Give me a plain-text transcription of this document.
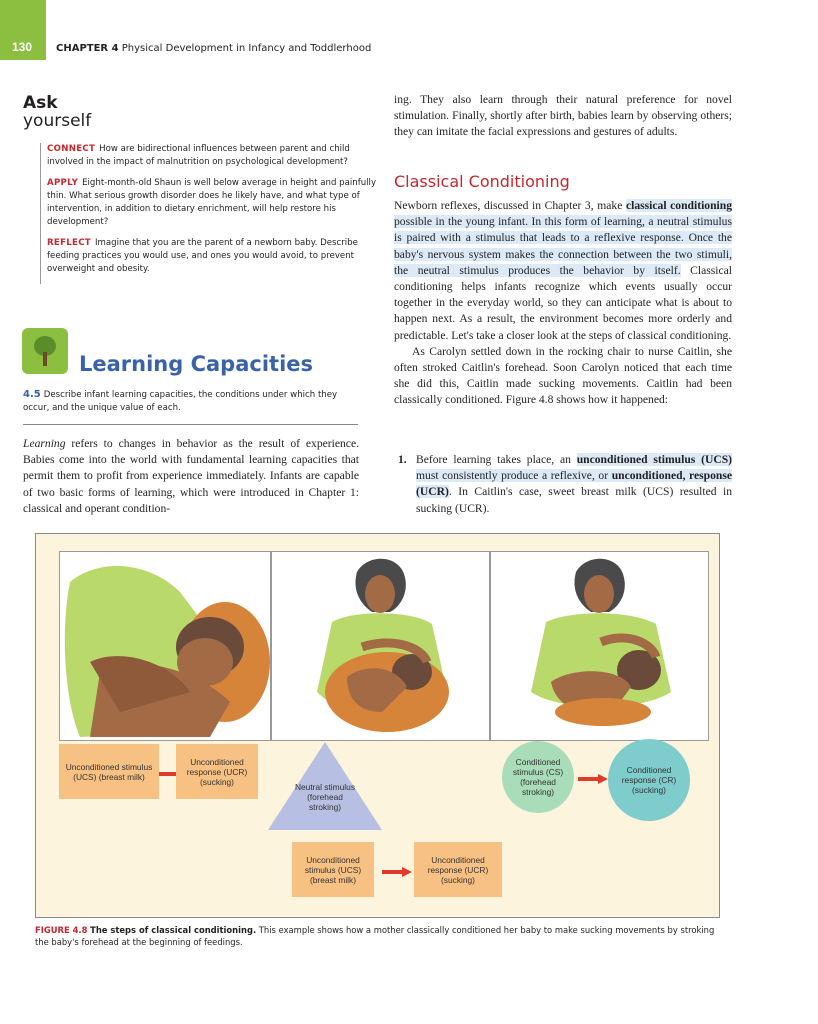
130 CHAPTER 4 Physical Development in Infancy and Toddlerhood
Ask
yourself
CONNECT How are bidirectional influences between parent and child involved in the impact of malnutrition on psychological development?
APPLY Eight-month-old Shaun is well below average in height and painfully thin. What serious growth disorder does he likely have, and what type of intervention, in addition to dietary enrichment, will help restore his development?
REFLECT Imagine that you are the parent of a newborn baby. Describe feeding practices you would use, and ones you would avoid, to prevent overweight and obesity.
Learning Capacities
4.5 Describe infant learning capacities, the conditions under which they occur, and the unique value of each.
Learning refers to changes in behavior as the result of experience. Babies come into the world with fundamental learning capacities that permit them to profit from experience immediately. Infants are capable of two basic forms of learning, which were introduced in Chapter 1: classical and operant condition-

ing. They also learn through their natural preference for novel stimulation. Finally, shortly after birth, babies learn by observing others; they can imitate the facial expressions and gestures of adults.

Classical Conditioning

Newborn reflexes, discussed in Chapter 3, make classical conditioning possible in the young infant. In this form of learning, a neutral stimulus is paired with a stimulus that leads to a reflexive response. Once the baby's nervous system makes the connection between the two stimuli, the neutral stimulus produces the behavior by itself. Classical conditioning helps infants recognize which events usually occur together in the everyday world, so they can anticipate what is about to happen next. As a result, the environment becomes more orderly and predictable. Let's take a closer look at the steps of classical conditioning.

As Carolyn settled down in the rocking chair to nurse Caitlin, she often stroked Caitlin's forehead. Soon Carolyn noticed that each time she did this, Caitlin made sucking movements. Caitlin had been classically conditioned. Figure 4.8 shows how it happened:

1. Before learning takes place, an unconditioned stimulus (UCS) must consistently produce a reflexive, or unconditioned, response (UCR). In Caitlin's case, sweet breast milk (UCS) resulted in sucking (UCR).
Unconditioned stimulus (UCS) (breast milk)
Unconditioned response (UCR) (sucking)
Neutral stimulus (forehead stroking)
Conditioned stimulus (CS) (forehead stroking)
Conditioned response (CR) (sucking)
Unconditioned stimulus (UCS) (breast milk)
Unconditioned response (UCR) (sucking)
FIGURE 4.8 The steps of classical conditioning. This example shows how a mother classically conditioned her baby to make sucking movements by stroking the baby's forehead at the beginning of feedings.
